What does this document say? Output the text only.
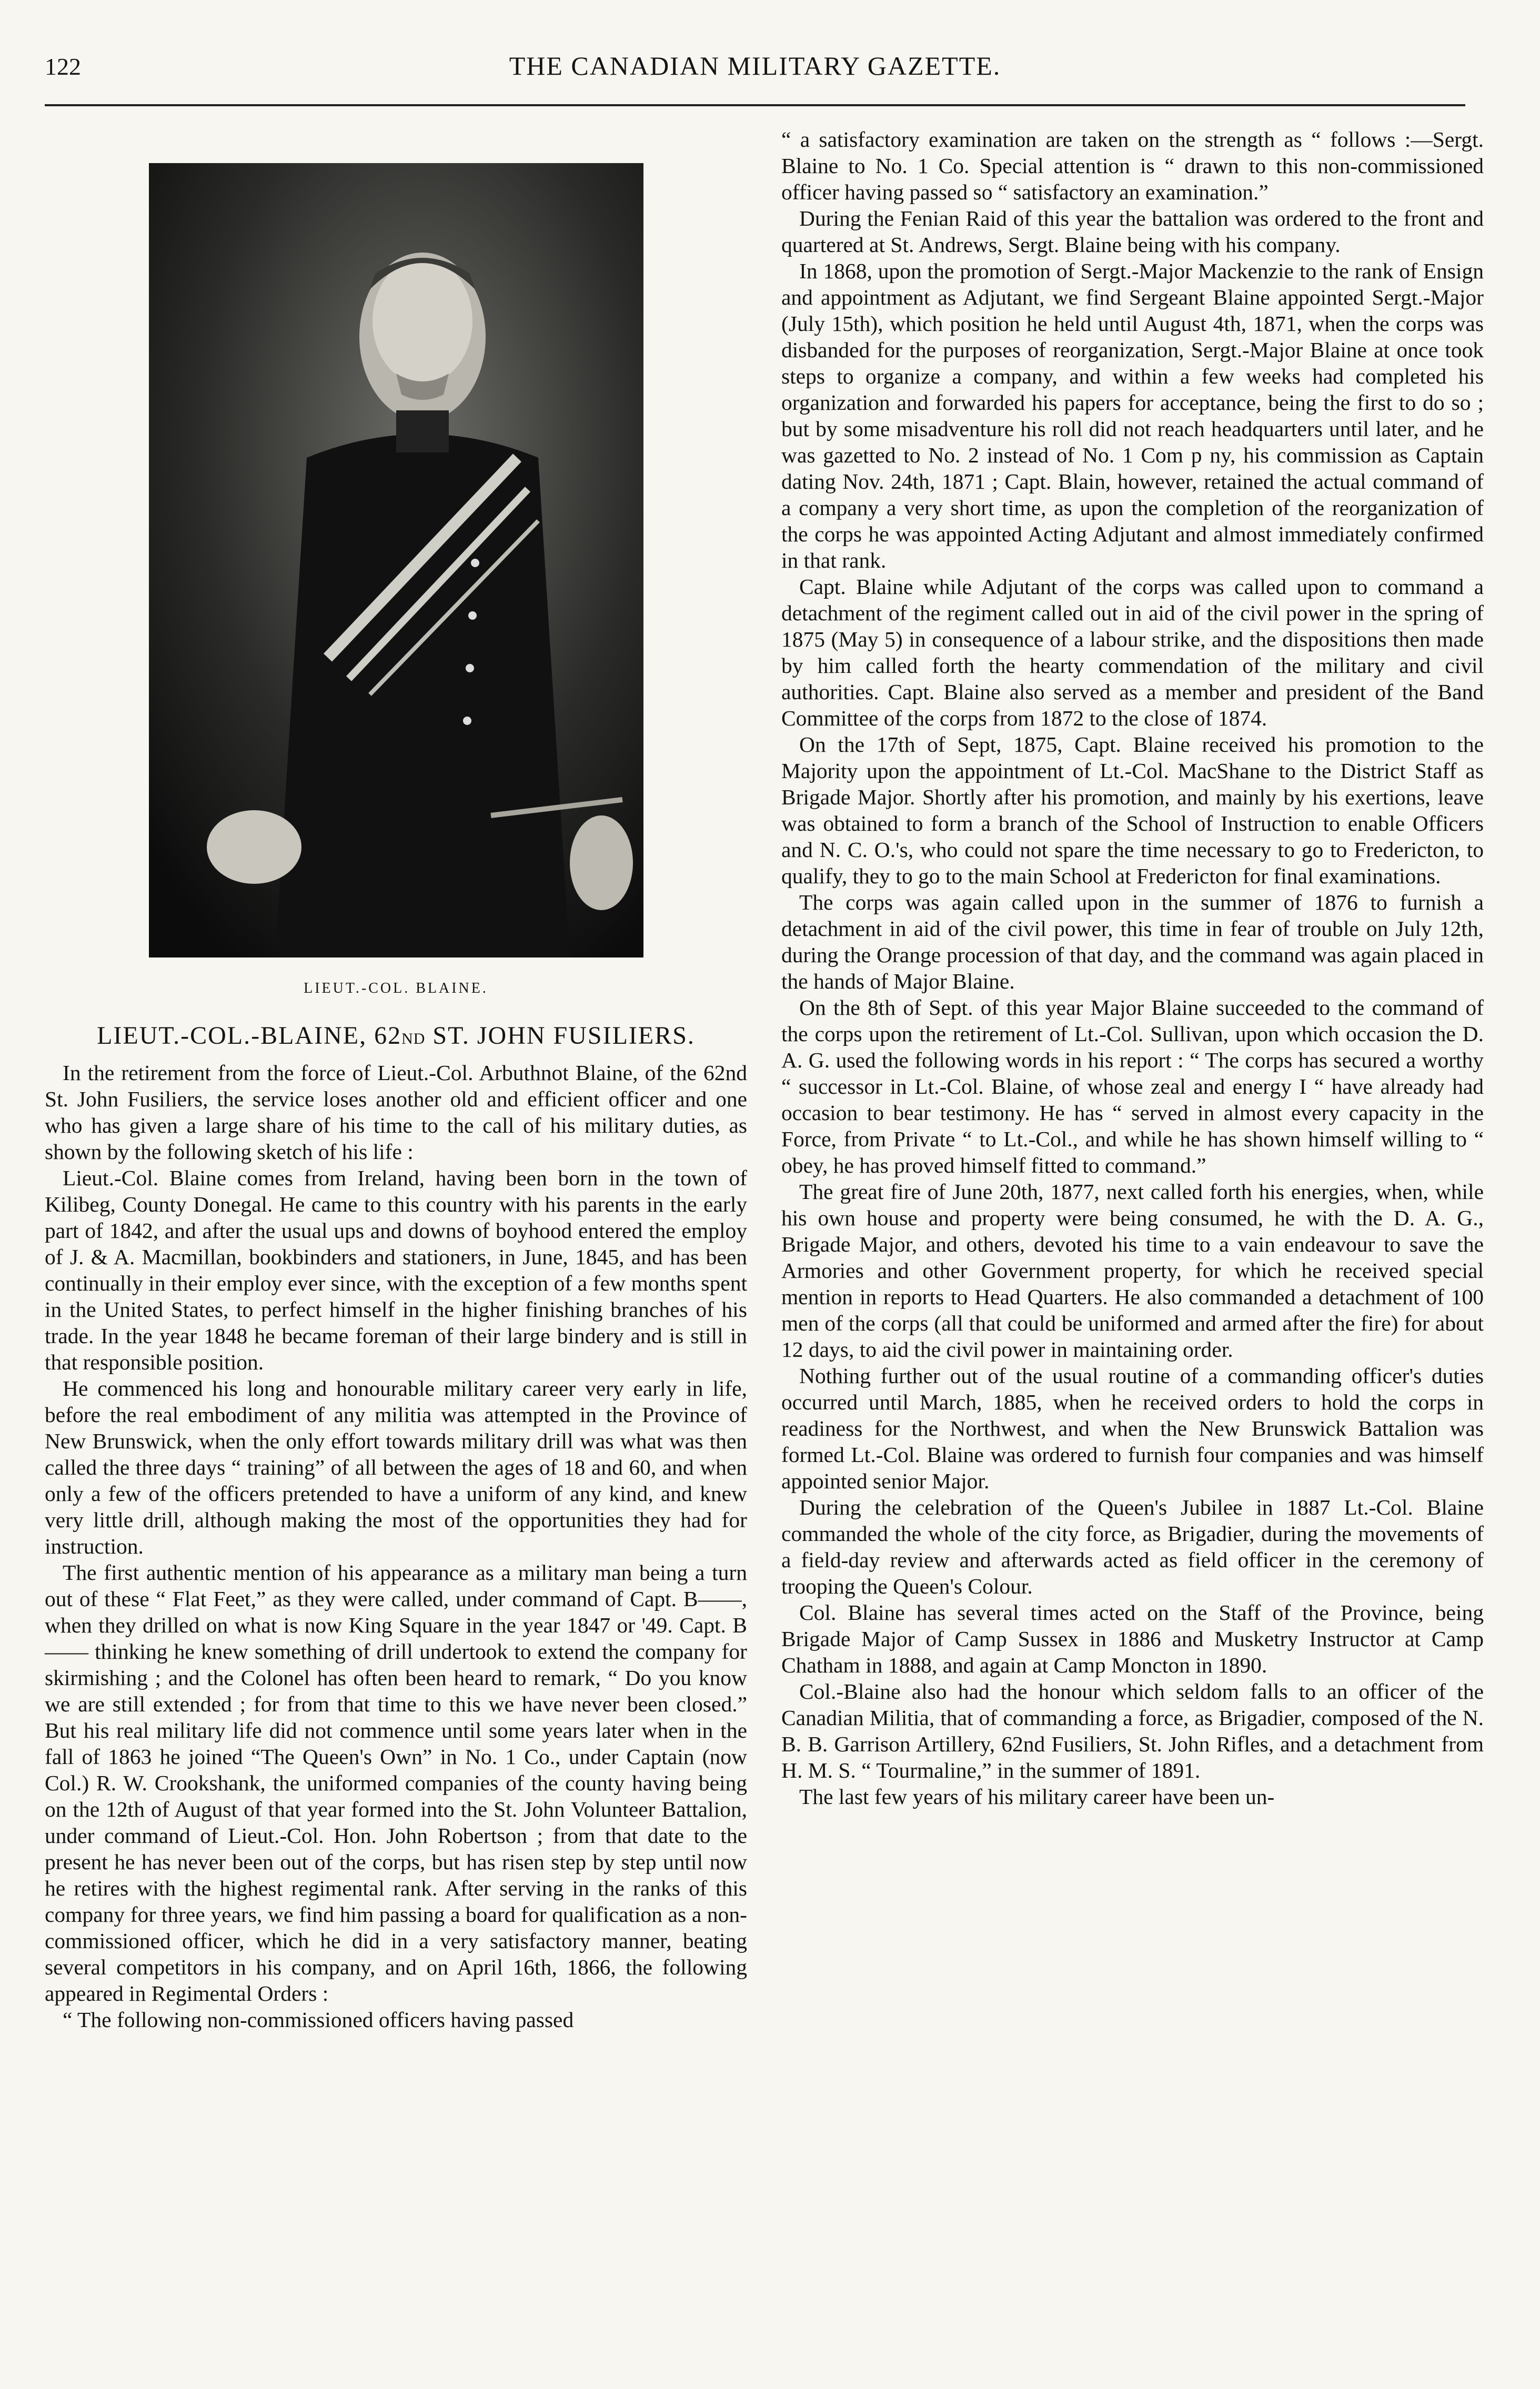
122	THE CANADIAN MILITARY GAZETTE.
LIEUT.-COL. BLAINE.
LIEUT.-COL.-BLAINE, 62ND ST. JOHN FUSILIERS.

In the retirement from the force of Lieut.-Col. Arbuthnot Blaine, of the 62nd St. John Fusiliers, the service loses another old and efficient officer and one who has given a large share of his time to the call of his military duties, as shown by the following sketch of his life :

Lieut.-Col. Blaine comes from Ireland, having been born in the town of Kilibeg, County Donegal. He came to this country with his parents in the early part of 1842, and after the usual ups and downs of boyhood entered the employ of J. & A. Macmillan, bookbinders and stationers, in June, 1845, and has been continually in their employ ever since, with the exception of a few months spent in the United States, to perfect himself in the higher finishing branches of his trade. In the year 1848 he became foreman of their large bindery and is still in that responsible position.

He commenced his long and honourable military career very early in life, before the real embodiment of any militia was attempted in the Province of New Brunswick, when the only effort towards military drill was what was then called the three days “ training” of all between the ages of 18 and 60, and when only a few of the officers pretended to have a uniform of any kind, and knew very little drill, although making the most of the opportunities they had for instruction.

The first authentic mention of his appearance as a military man being a turn out of these “ Flat Feet,” as they were called, under command of Capt. B——, when they drilled on what is now King Square in the year 1847 or '49. Capt. B—— thinking he knew something of drill undertook to extend the company for skirmishing ; and the Colonel has often been heard to remark, “ Do you know we are still extended ; for from that time to this we have never been closed.” But his real military life did not commence until some years later when in the fall of 1863 he joined “The Queen's Own” in No. 1 Co., under Captain (now Col.) R. W. Crookshank, the uniformed companies of the county having being on the 12th of August of that year formed into the St. John Volunteer Battalion, under command of Lieut.-Col. Hon. John Robertson ; from that date to the present he has never been out of the corps, but has risen step by step until now he retires with the highest regimental rank. After serving in the ranks of this company for three years, we find him passing a board for qualification as a non-commissioned officer, which he did in a very satisfactory manner, beating several competitors in his company, and on April 16th, 1866, the following appeared in Regimental Orders :

“ The following non-commissioned officers having passed

“ a satisfactory examination are taken on the strength as “ follows :—Sergt. Blaine to No. 1 Co. Special attention is “ drawn to this non-commissioned officer having passed so “ satisfactory an examination.”

During the Fenian Raid of this year the battalion was ordered to the front and quartered at St. Andrews, Sergt. Blaine being with his company.

In 1868, upon the promotion of Sergt.-Major Mackenzie to the rank of Ensign and appointment as Adjutant, we find Sergeant Blaine appointed Sergt.-Major (July 15th), which position he held until August 4th, 1871, when the corps was disbanded for the purposes of reorganization, Sergt.-Major Blaine at once took steps to organize a company, and within a few weeks had completed his organization and forwarded his papers for acceptance, being the first to do so ; but by some misadventure his roll did not reach headquarters until later, and he was gazetted to No. 2 instead of No. 1 Com p ny, his commission as Captain dating Nov. 24th, 1871 ; Capt. Blain, however, retained the actual command of a company a very short time, as upon the completion of the reorganization of the corps he was appointed Acting Adjutant and almost immediately confirmed in that rank.

Capt. Blaine while Adjutant of the corps was called upon to command a detachment of the regiment called out in aid of the civil power in the spring of 1875 (May 5) in consequence of a labour strike, and the dispositions then made by him called forth the hearty commendation of the military and civil authorities. Capt. Blaine also served as a member and president of the Band Committee of the corps from 1872 to the close of 1874.

On the 17th of Sept, 1875, Capt. Blaine received his promotion to the Majority upon the appointment of Lt.-Col. MacShane to the District Staff as Brigade Major. Shortly after his promotion, and mainly by his exertions, leave was obtained to form a branch of the School of Instruction to enable Officers and N. C. O.'s, who could not spare the time necessary to go to Fredericton, to qualify, they to go to the main School at Fredericton for final examinations.

The corps was again called upon in the summer of 1876 to furnish a detachment in aid of the civil power, this time in fear of trouble on July 12th, during the Orange procession of that day, and the command was again placed in the hands of Major Blaine.

On the 8th of Sept. of this year Major Blaine succeeded to the command of the corps upon the retirement of Lt.-Col. Sullivan, upon which occasion the D. A. G. used the following words in his report : “ The corps has secured a worthy “ successor in Lt.-Col. Blaine, of whose zeal and energy I “ have already had occasion to bear testimony. He has “ served in almost every capacity in the Force, from Private “ to Lt.-Col., and while he has shown himself willing to “ obey, he has proved himself fitted to command.”

The great fire of June 20th, 1877, next called forth his energies, when, while his own house and property were being consumed, he with the D. A. G., Brigade Major, and others, devoted his time to a vain endeavour to save the Armories and other Government property, for which he received special mention in reports to Head Quarters. He also commanded a detachment of 100 men of the corps (all that could be uniformed and armed after the fire) for about 12 days, to aid the civil power in maintaining order.

Nothing further out of the usual routine of a commanding officer's duties occurred until March, 1885, when he received orders to hold the corps in readiness for the Northwest, and when the New Brunswick Battalion was formed Lt.-Col. Blaine was ordered to furnish four companies and was himself appointed senior Major.

During the celebration of the Queen's Jubilee in 1887 Lt.-Col. Blaine commanded the whole of the city force, as Brigadier, during the movements of a field-day review and afterwards acted as field officer in the ceremony of trooping the Queen's Colour.

Col. Blaine has several times acted on the Staff of the Province, being Brigade Major of Camp Sussex in 1886 and Musketry Instructor at Camp Chatham in 1888, and again at Camp Moncton in 1890.

Col.-Blaine also had the honour which seldom falls to an officer of the Canadian Militia, that of commanding a force, as Brigadier, composed of the N. B. B. Garrison Artillery, 62nd Fusiliers, St. John Rifles, and a detachment from H. M. S. “ Tourmaline,” in the summer of 1891.

The last few years of his military career have been un-
